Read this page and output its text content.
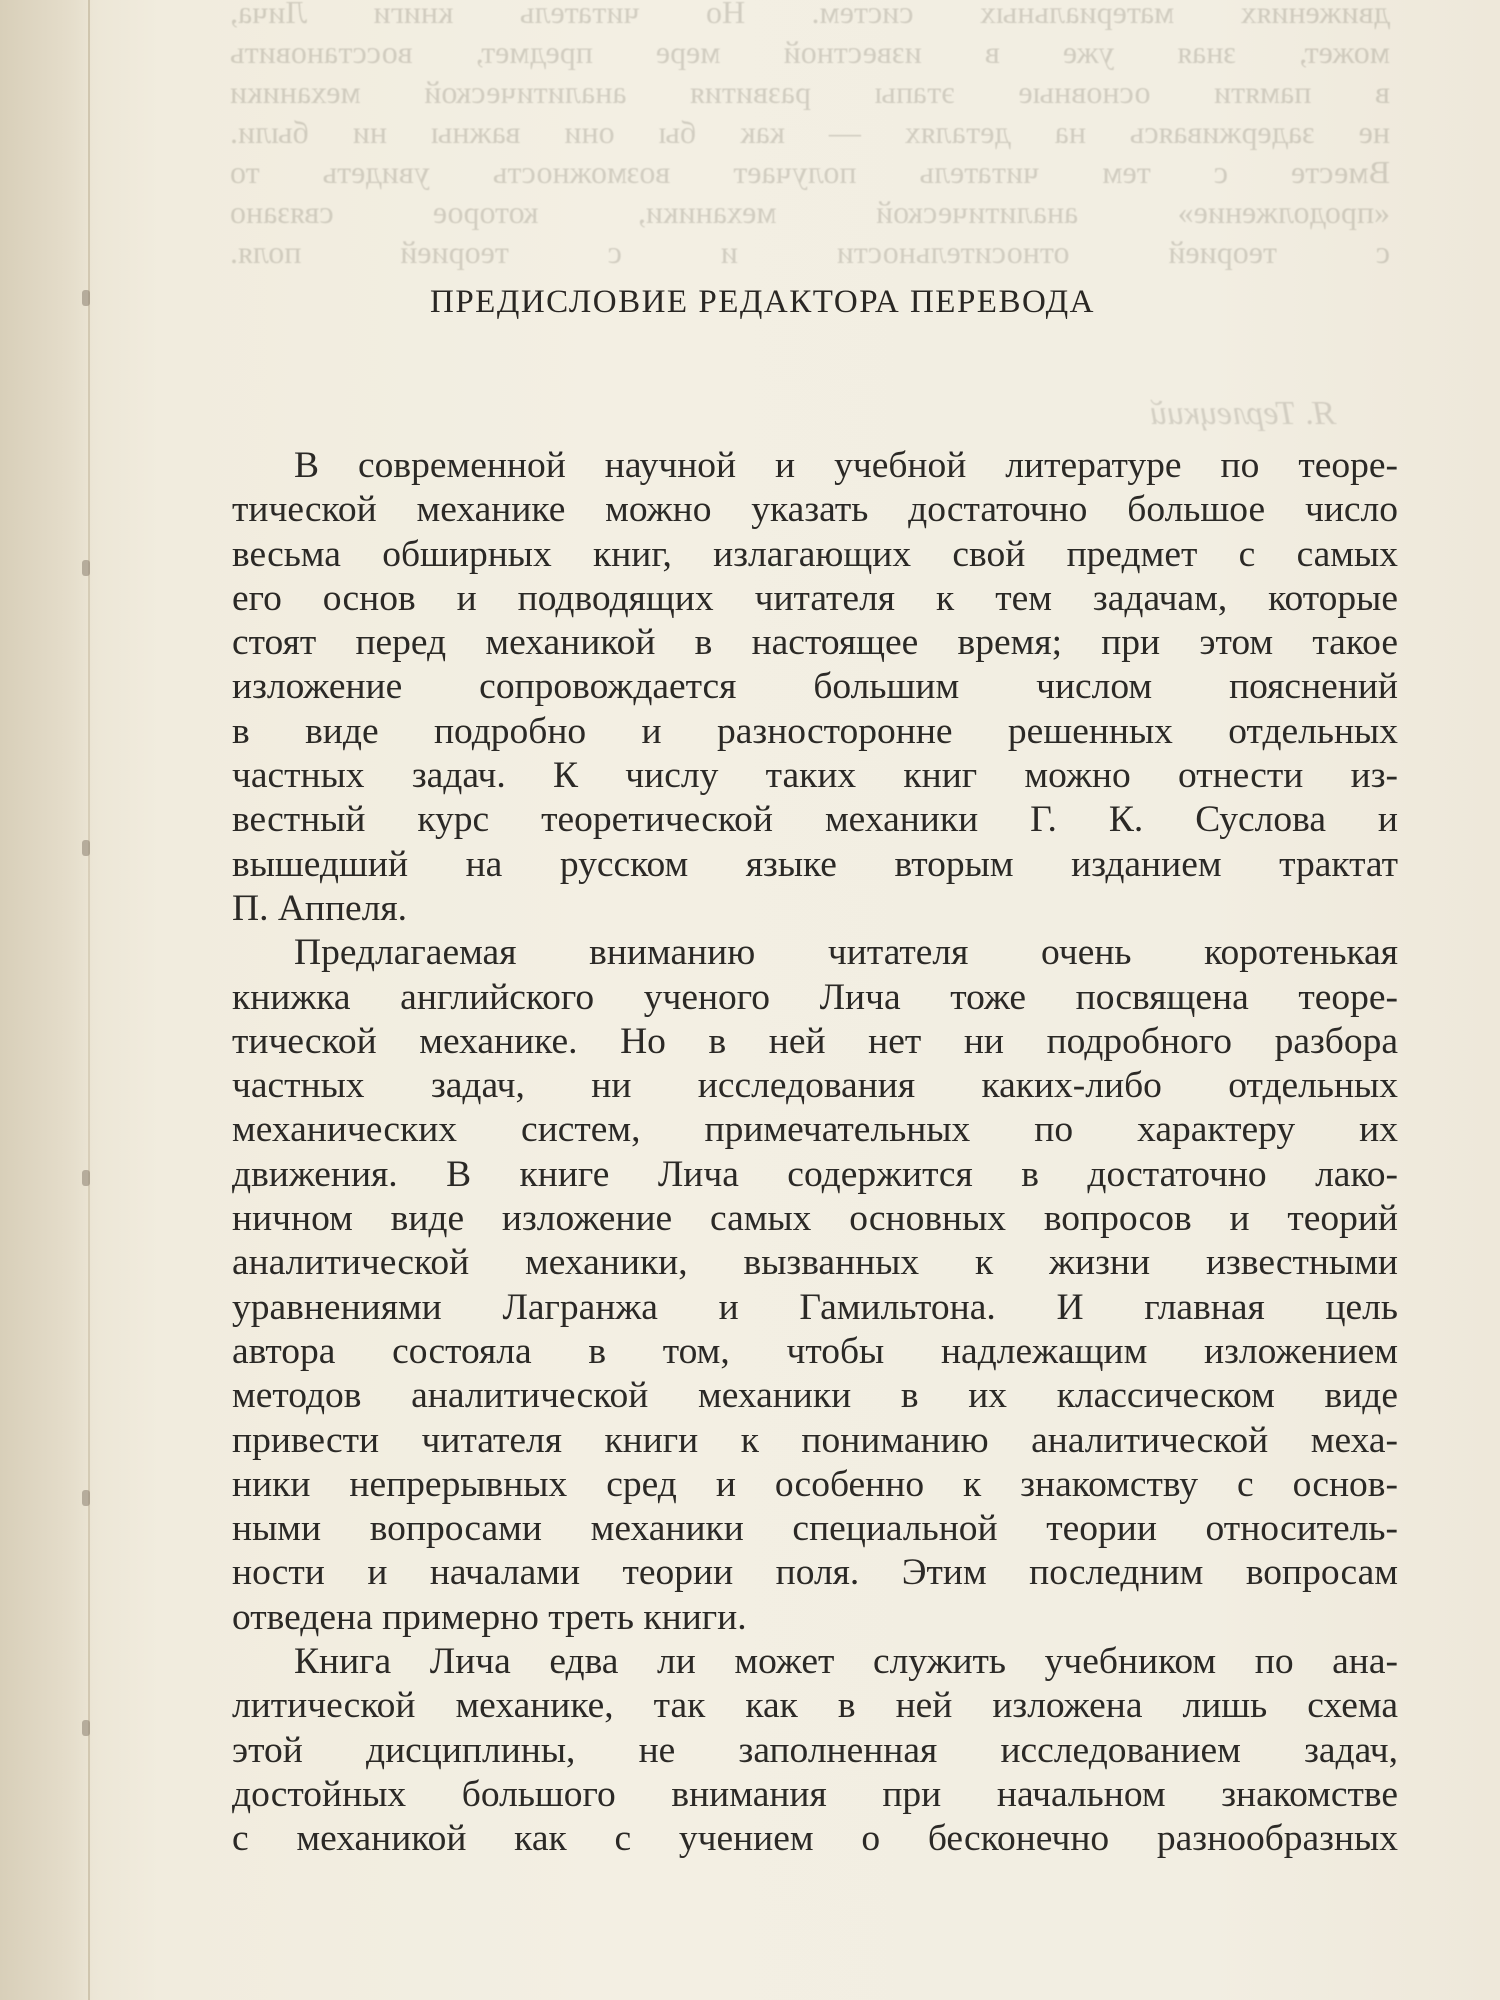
движениях материальных систем. Но читатель книги Лича,
может, зная уже в известной мере предмет, восстановить
в памяти основные этапы развития аналитической механики
не задерживаясь на деталях — как бы они важны ни были.
Вместе с тем читатель получает возможность увидеть то
«продолжение» аналитической механики, которое связано
с теорией относительности и с теорией поля.
Я. Терлецкий
ПРЕДИСЛОВИЕ РЕДАКТОРА ПЕРЕВОДА
В современной научной и учебной литературе по теоре-
тической механике можно указать достаточно большое число
весьма обширных книг, излагающих свой предмет с самых
его основ и подводящих читателя к тем задачам, которые
стоят перед механикой в настоящее время; при этом такое
изложение сопровождается большим числом пояснений
в виде подробно и разносторонне решенных отдельных
частных задач. К числу таких книг можно отнести из-
вестный курс теоретической механики Г. К. Суслова и
вышедший на русском языке вторым изданием трактат
П. Аппеля.
Предлагаемая вниманию читателя очень коротенькая
книжка английского ученого Лича тоже посвящена теоре-
тической механике. Но в ней нет ни подробного разбора
частных задач, ни исследования каких-либо отдельных
механических систем, примечательных по характеру их
движения. В книге Лича содержится в достаточно лако-
ничном виде изложение самых основных вопросов и теорий
аналитической механики, вызванных к жизни известными
уравнениями Лагранжа и Гамильтона. И главная цель
автора состояла в том, чтобы надлежащим изложением
методов аналитической механики в их классическом виде
привести читателя книги к пониманию аналитической меха-
ники непрерывных сред и особенно к знакомству с основ-
ными вопросами механики специальной теории относитель-
ности и началами теории поля. Этим последним вопросам
отведена примерно треть книги.
Книга Лича едва ли может служить учебником по ана-
литической механике, так как в ней изложена лишь схема
этой дисциплины, не заполненная исследованием задач,
достойных большого внимания при начальном знакомстве
с механикой как с учением о бесконечно разнообразных
